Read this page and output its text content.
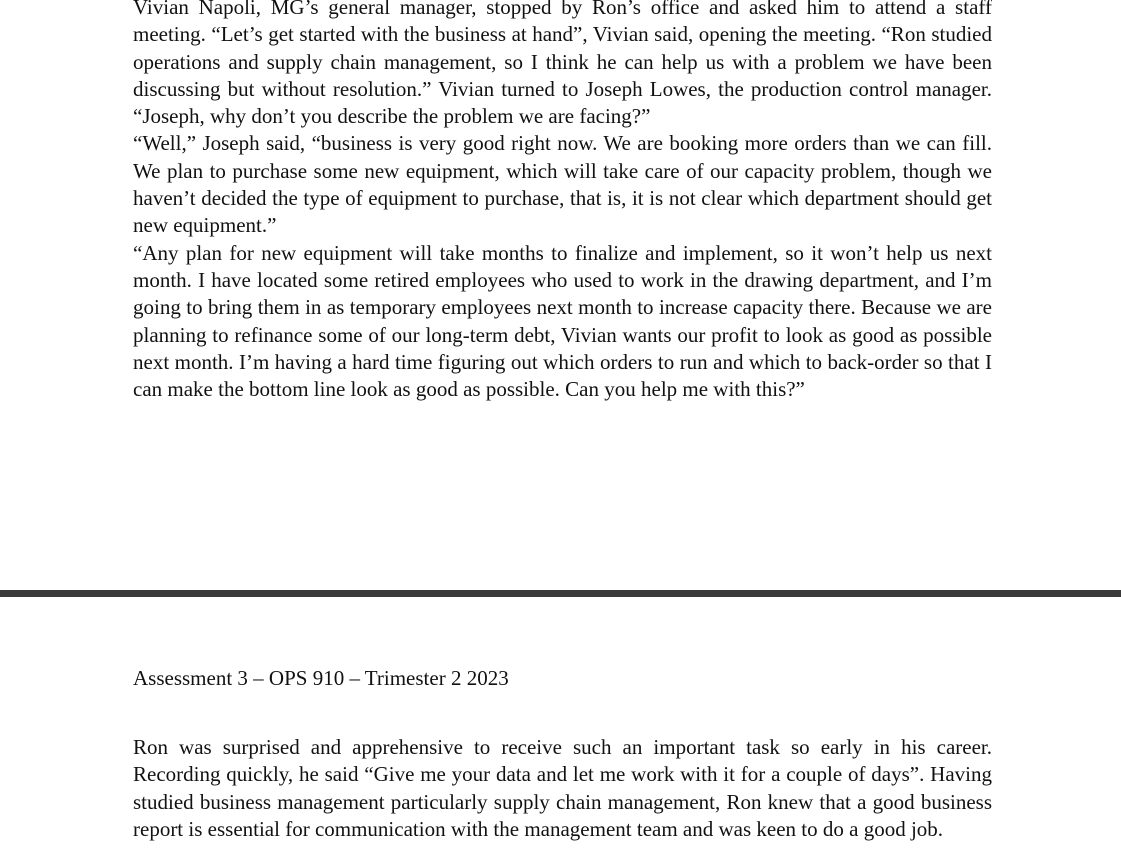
Vivian Napoli, MG’s general manager, stopped by Ron’s office and asked him to attend a staff meeting. “Let’s get started with the business at hand”, Vivian said, opening the meeting. “Ron studied operations and supply chain management, so I think he can help us with a problem we have been discussing but without resolution.” Vivian turned to Joseph Lowes, the production control manager. “Joseph, why don’t you describe the problem we are facing?”

“Well,” Joseph said, “business is very good right now. We are booking more orders than we can fill. We plan to purchase some new equipment, which will take care of our capacity problem, though we haven’t decided the type of equipment to purchase, that is, it is not clear which department should get new equipment.”

“Any plan for new equipment will take months to finalize and implement, so it won’t help us next month. I have located some retired employees who used to work in the drawing department, and I’m going to bring them in as temporary employees next month to increase capacity there. Because we are planning to refinance some of our long-term debt, Vivian wants our profit to look as good as possible next month. I’m having a hard time figuring out which orders to run and which to back-order so that I can make the bottom line look as good as possible. Can you help me with this?”

Assessment 3 – OPS 910 – Trimester 2 2023

Ron was surprised and apprehensive to receive such an important task so early in his career. Recording quickly, he said “Give me your data and let me work with it for a couple of days”. Having studied business management particularly supply chain management, Ron knew that a good business report is essential for communication with the management team and was keen to do a good job.
